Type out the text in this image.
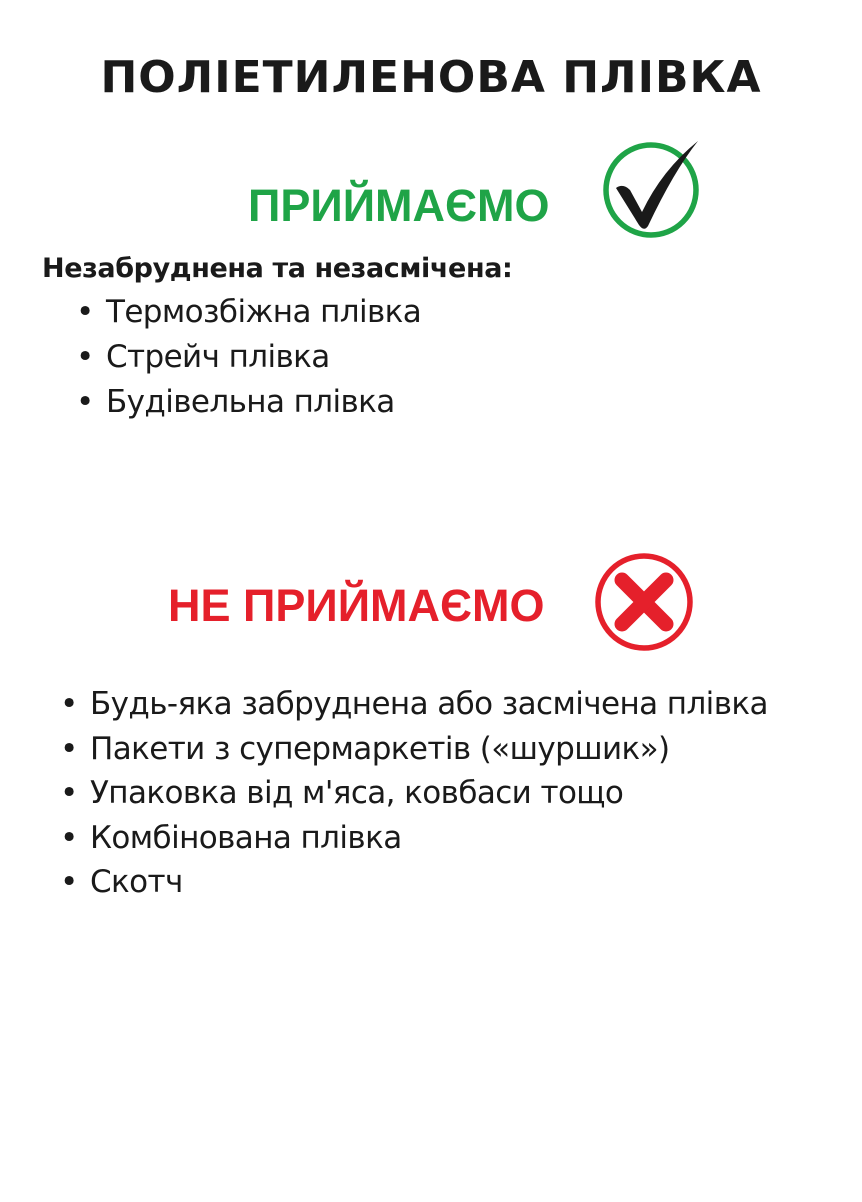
ПОЛІЕТИЛЕНОВА ПЛІВКА
ПРИЙМАЄМО
Незабруднена та незасмічена:
• Термозбіжна плівка
• Стрейч плівка
• Будівельна плівка
НЕ ПРИЙМАЄМО
• Будь-яка забруднена або засмічена плівка
• Пакети з супермаркетів («шуршик»)
• Упаковка від м'яса, ковбаси тощо
• Комбінована плівка
• Скотч
